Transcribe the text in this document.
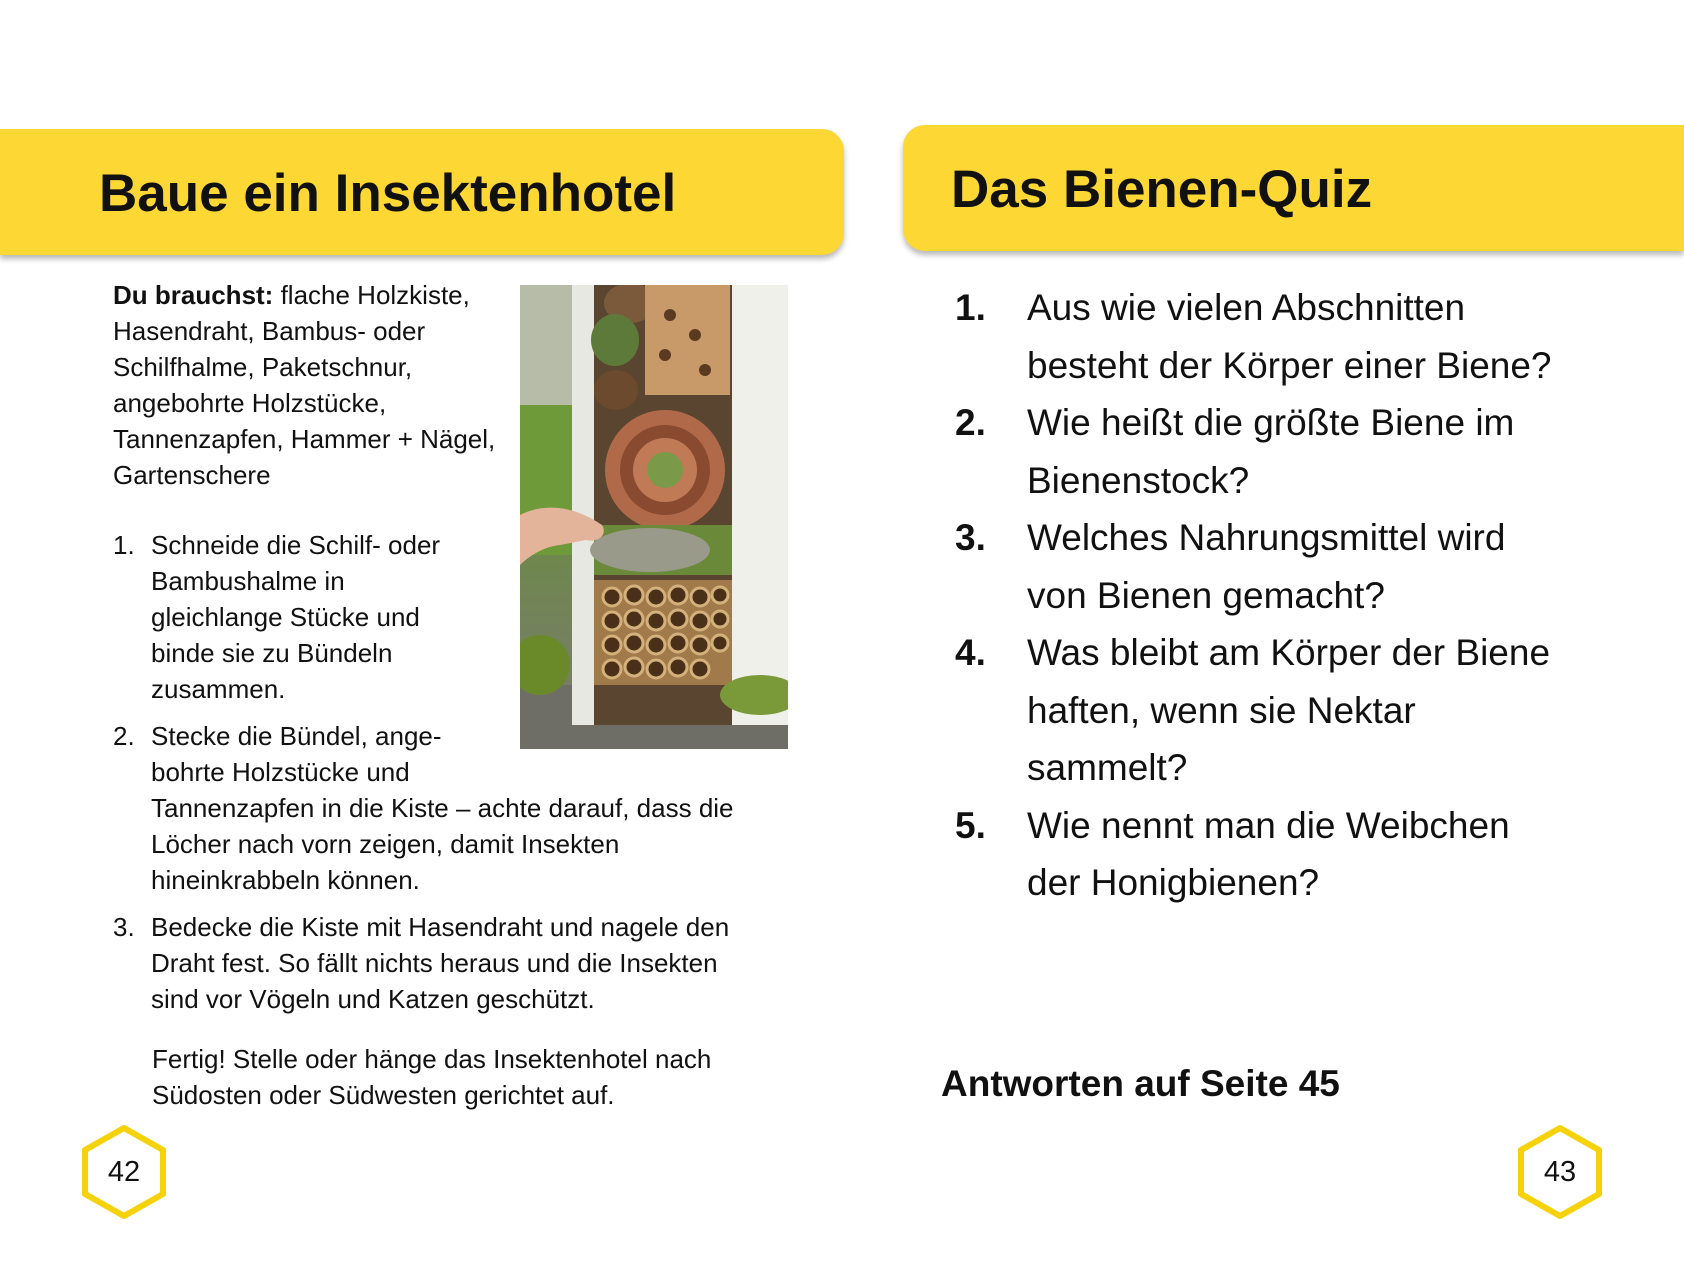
Baue ein Insektenhotel	Das Bienen-Quiz
Du brauchst: flache Holzkiste, Hasendraht, Bambus- oder Schilfhalme, Paketschnur, angebohrte Holzstücke, Tannenzapfen, Hammer + Nägel, Gartenschere
1. Schneide die Schilf- oder Bambushalme in gleichlange Stücke und binde sie zu Bündeln zusammen.
2. Stecke die Bündel, ange- bohrte Holzstücke und
Tannenzapfen in die Kiste – achte darauf, dass die Löcher nach vorn zeigen, damit Insekten hineinkrabbeln können.
3. Bedecke die Kiste mit Hasendraht und nagele den Draht fest. So fällt nichts heraus und die Insekten sind vor Vögeln und Katzen geschützt.
Fertig! Stelle oder hänge das Insektenhotel nach Südosten oder Südwesten gerichtet auf.
1. Aus wie vielen Abschnitten besteht der Körper einer Biene?
2. Wie heißt die größte Biene im Bienenstock?
3. Welches Nahrungsmittel wird von Bienen gemacht?
4. Was bleibt am Körper der Biene haften, wenn sie Nektar sammelt?
5. Wie nennt man die Weibchen der Honigbienen?
Antworten auf Seite 45
42	43
